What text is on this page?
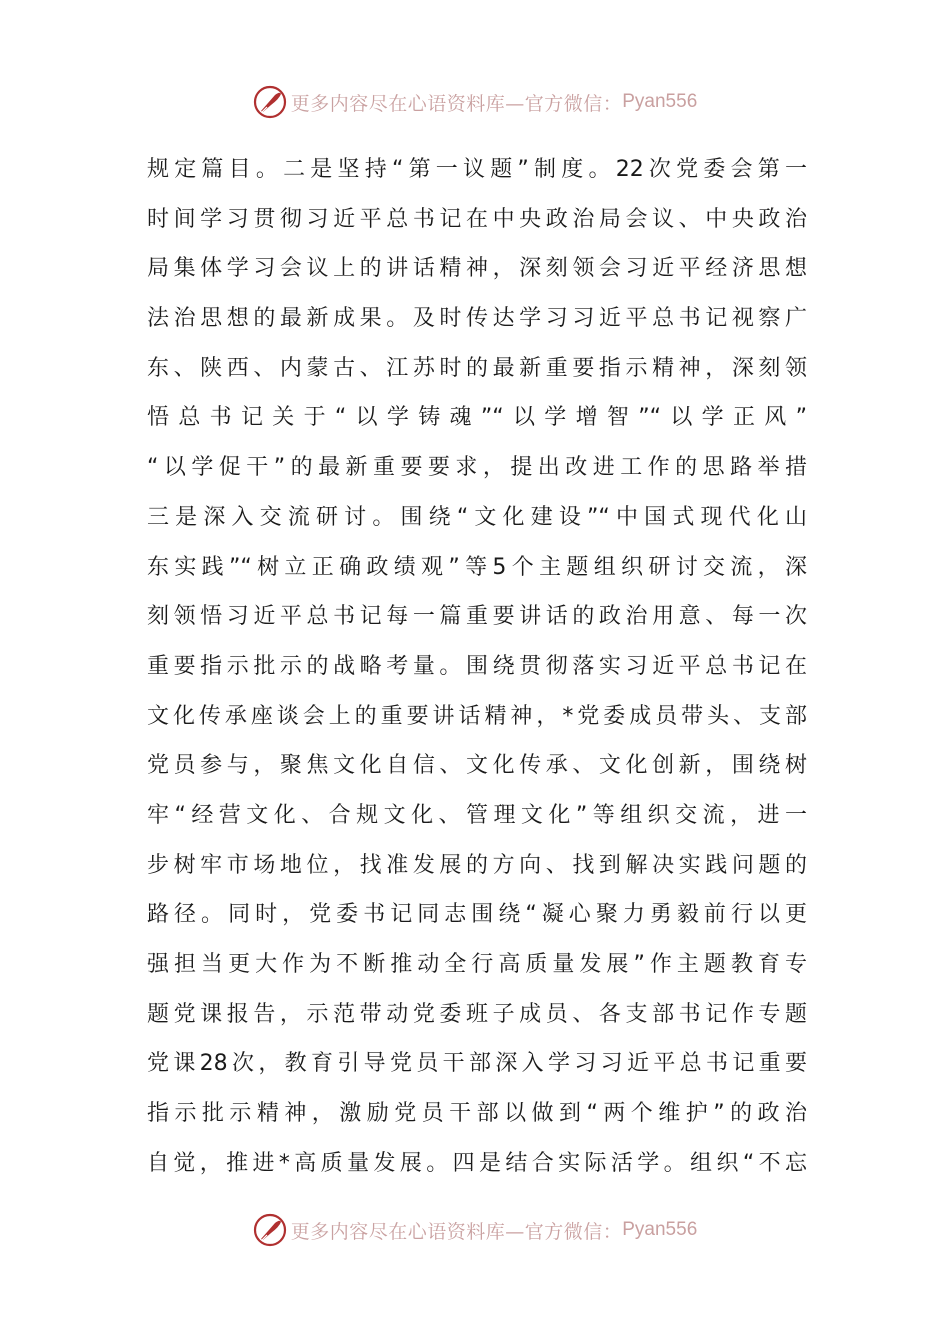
更多内容尽在心语资料库—官方微信： Pyan556
规定篇目。二是坚持“第一议题”制度。22次党委会第一
时间学习贯彻习近平总书记在中央政治局会议、中央政治
局集体学习会议上的讲话精神，深刻领会习近平经济思想
法治思想的最新成果。及时传达学习习近平总书记视察广
东、陕西、内蒙古、江苏时的最新重要指示精神，深刻领
悟总书记关于“以学铸魂”“以学增智”“以学正风”
“以学促干”的最新重要要求，提出改进工作的思路举措
三是深入交流研讨。围绕“文化建设”“中国式现代化山
东实践”“树立正确政绩观”等5个主题组织研讨交流，深
刻领悟习近平总书记每一篇重要讲话的政治用意、每一次
重要指示批示的战略考量。围绕贯彻落实习近平总书记在
文化传承座谈会上的重要讲话精神，*党委成员带头、支部
党员参与，聚焦文化自信、文化传承、文化创新，围绕树
牢“经营文化、合规文化、管理文化”等组织交流，进一
步树牢市场地位，找准发展的方向、找到解决实践问题的
路径。同时，党委书记同志围绕“凝心聚力勇毅前行以更
强担当更大作为不断推动全行高质量发展”作主题教育专
题党课报告，示范带动党委班子成员、各支部书记作专题
党课28次，教育引导党员干部深入学习习近平总书记重要
指示批示精神，激励党员干部以做到“两个维护”的政治
自觉，推进*高质量发展。四是结合实际活学。组织“不忘
更多内容尽在心语资料库—官方微信： Pyan556
